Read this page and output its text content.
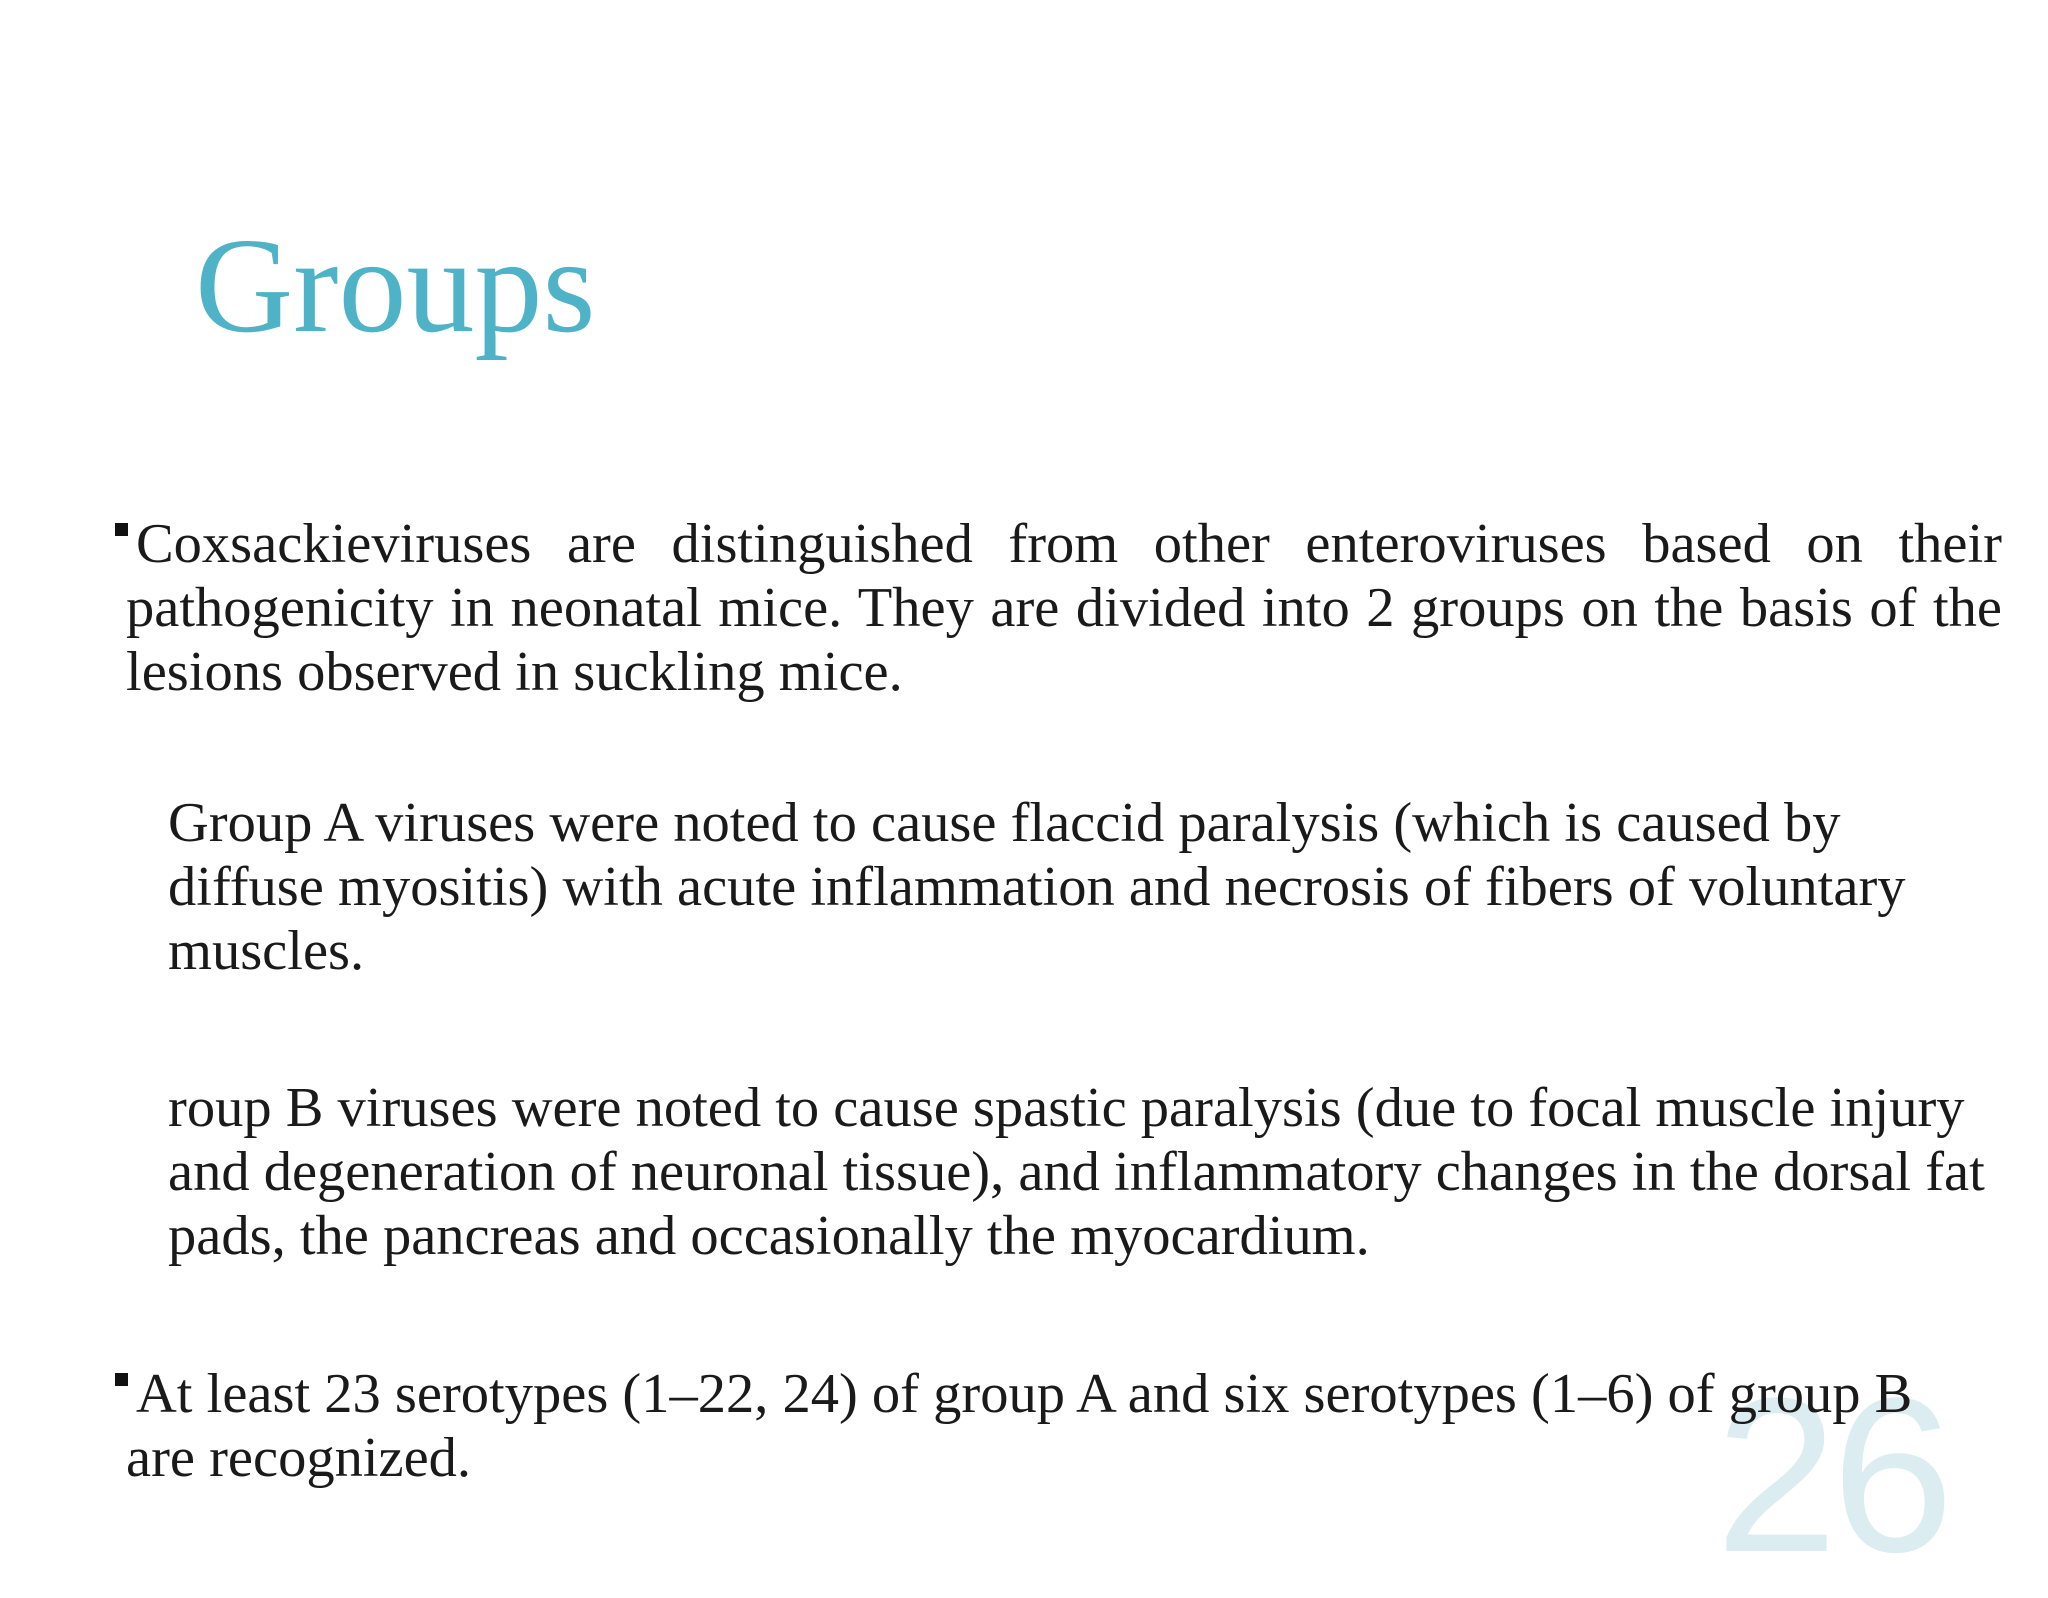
Groups
26
Coxsackieviruses are distinguished from other enteroviruses based on their pathogenicity in neonatal mice. They are divided into 2 groups on the basis of the lesions observed in suckling mice.
Group A viruses were noted to cause flaccid paralysis (which is caused by diffuse myositis) with acute inflammation and necrosis of fibers of voluntary muscles.
roup B viruses were noted to cause spastic paralysis (due to focal muscle injury and degeneration of neuronal tissue), and inflammatory changes in the dorsal fat pads, the pancreas and occasionally the myocardium.
At least 23 serotypes (1–22, 24) of group A and six serotypes (1–6) of group B are recognized.
